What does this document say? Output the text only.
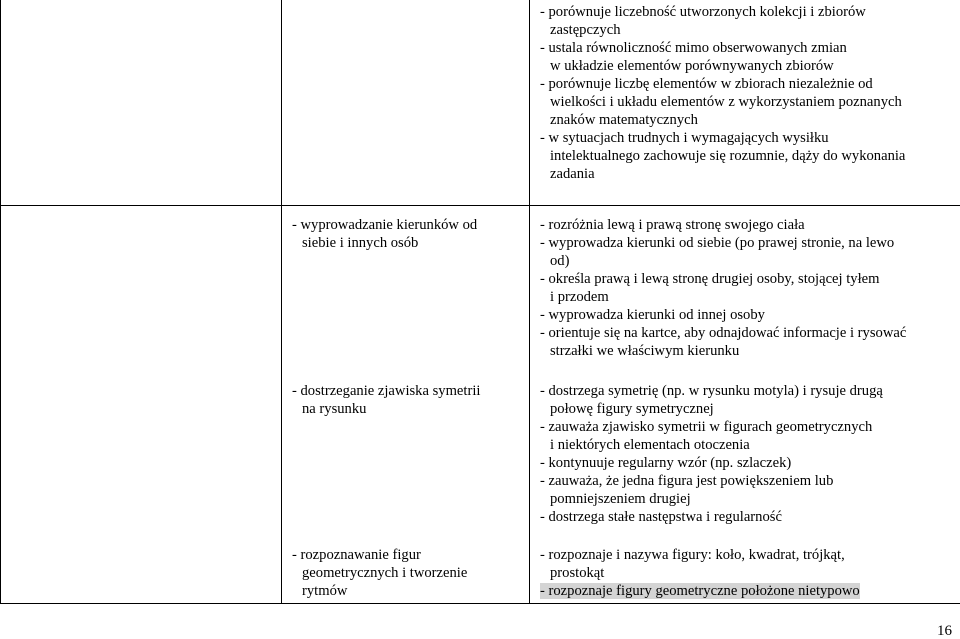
- porównuje liczebność utworzonych kolekcji i zbiorów
zastępczych
- ustala równoliczność mimo obserwowanych zmian
w układzie elementów porównywanych zbiorów
- porównuje liczbę elementów w zbiorach niezależnie od
wielkości i układu elementów z wykorzystaniem poznanych
znaków matematycznych
- w sytuacjach trudnych i wymagających wysiłku
intelektualnego zachowuje się rozumnie, dąży do wykonania
zadania
- wyprowadzanie kierunków od
siebie i innych osób
- rozróżnia lewą i prawą stronę swojego ciała
- wyprowadza kierunki od siebie (po prawej stronie, na lewo
od)
- określa prawą i lewą stronę drugiej osoby, stojącej tyłem
i przodem
- wyprowadza kierunki od innej osoby
- orientuje się na kartce, aby odnajdować informacje i rysować
strzałki we właściwym kierunku
- dostrzeganie zjawiska symetrii
na rysunku
- dostrzega symetrię (np. w rysunku motyla) i rysuje drugą
połowę figury symetrycznej
- zauważa zjawisko symetrii w figurach geometrycznych
i niektórych elementach otoczenia
- kontynuuje regularny wzór (np. szlaczek)
- zauważa, że jedna figura jest powiększeniem lub
pomniejszeniem drugiej
- dostrzega stałe następstwa i regularność
- rozpoznawanie figur
geometrycznych i tworzenie
rytmów
- rozpoznaje i nazywa figury: koło, kwadrat, trójkąt,
prostokąt
- rozpoznaje figury geometryczne położone nietypowo
16
